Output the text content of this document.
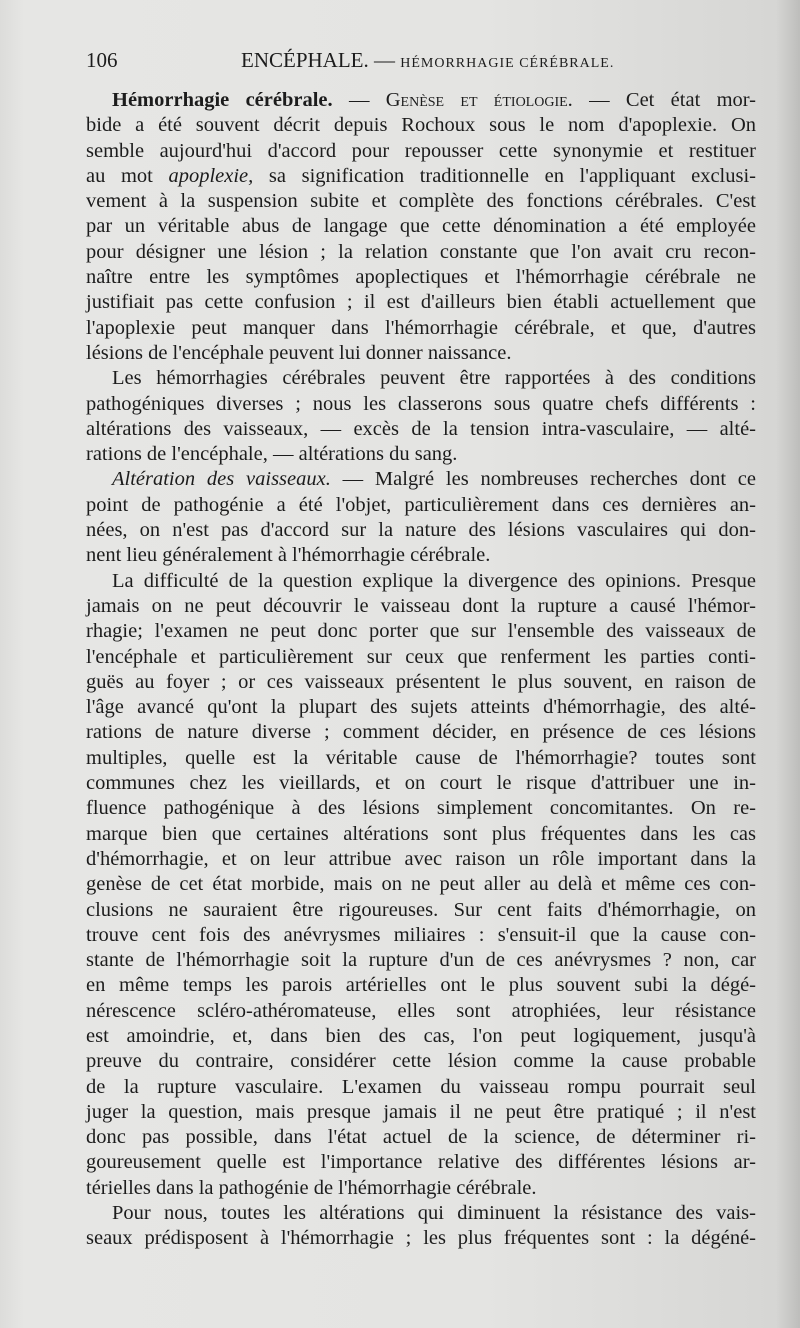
106	ENCÉPHALE. — HÉMORRHAGIE CÉRÉBRALE.
Hémorrhagie cérébrale. — Genèse et étiologie. — Cet état mor-
bide a été souvent décrit depuis Rochoux sous le nom d'apoplexie. On
semble aujourd'hui d'accord pour repousser cette synonymie et restituer
au mot apoplexie, sa signification traditionnelle en l'appliquant exclusi-
vement à la suspension subite et complète des fonctions cérébrales. C'est
par un véritable abus de langage que cette dénomination a été employée
pour désigner une lésion ; la relation constante que l'on avait cru recon-
naître entre les symptômes apoplectiques et l'hémorrhagie cérébrale ne
justifiait pas cette confusion ; il est d'ailleurs bien établi actuellement que
l'apoplexie peut manquer dans l'hémorrhagie cérébrale, et que, d'autres
lésions de l'encéphale peuvent lui donner naissance.
Les hémorrhagies cérébrales peuvent être rapportées à des conditions
pathogéniques diverses ; nous les classerons sous quatre chefs différents :
altérations des vaisseaux, — excès de la tension intra-vasculaire, — alté-
rations de l'encéphale, — altérations du sang.
Altération des vaisseaux. — Malgré les nombreuses recherches dont ce
point de pathogénie a été l'objet, particulièrement dans ces dernières an-
nées, on n'est pas d'accord sur la nature des lésions vasculaires qui don-
nent lieu généralement à l'hémorrhagie cérébrale.
La difficulté de la question explique la divergence des opinions. Presque
jamais on ne peut découvrir le vaisseau dont la rupture a causé l'hémor-
rhagie; l'examen ne peut donc porter que sur l'ensemble des vaisseaux de
l'encéphale et particulièrement sur ceux que renferment les parties conti-
guës au foyer ; or ces vaisseaux présentent le plus souvent, en raison de
l'âge avancé qu'ont la plupart des sujets atteints d'hémorrhagie, des alté-
rations de nature diverse ; comment décider, en présence de ces lésions
multiples, quelle est la véritable cause de l'hémorrhagie? toutes sont
communes chez les vieillards, et on court le risque d'attribuer une in-
fluence pathogénique à des lésions simplement concomitantes. On re-
marque bien que certaines altérations sont plus fréquentes dans les cas
d'hémorrhagie, et on leur attribue avec raison un rôle important dans la
genèse de cet état morbide, mais on ne peut aller au delà et même ces con-
clusions ne sauraient être rigoureuses. Sur cent faits d'hémorrhagie, on
trouve cent fois des anévrysmes miliaires : s'ensuit-il que la cause con-
stante de l'hémorrhagie soit la rupture d'un de ces anévrysmes ? non, car
en même temps les parois artérielles ont le plus souvent subi la dégé-
nérescence scléro-athéromateuse, elles sont atrophiées, leur résistance
est amoindrie, et, dans bien des cas, l'on peut logiquement, jusqu'à
preuve du contraire, considérer cette lésion comme la cause probable
de la rupture vasculaire. L'examen du vaisseau rompu pourrait seul
juger la question, mais presque jamais il ne peut être pratiqué ; il n'est
donc pas possible, dans l'état actuel de la science, de déterminer ri-
goureusement quelle est l'importance relative des différentes lésions ar-
térielles dans la pathogénie de l'hémorrhagie cérébrale.
Pour nous, toutes les altérations qui diminuent la résistance des vais-
seaux prédisposent à l'hémorrhagie ; les plus fréquentes sont : la dégéné-
